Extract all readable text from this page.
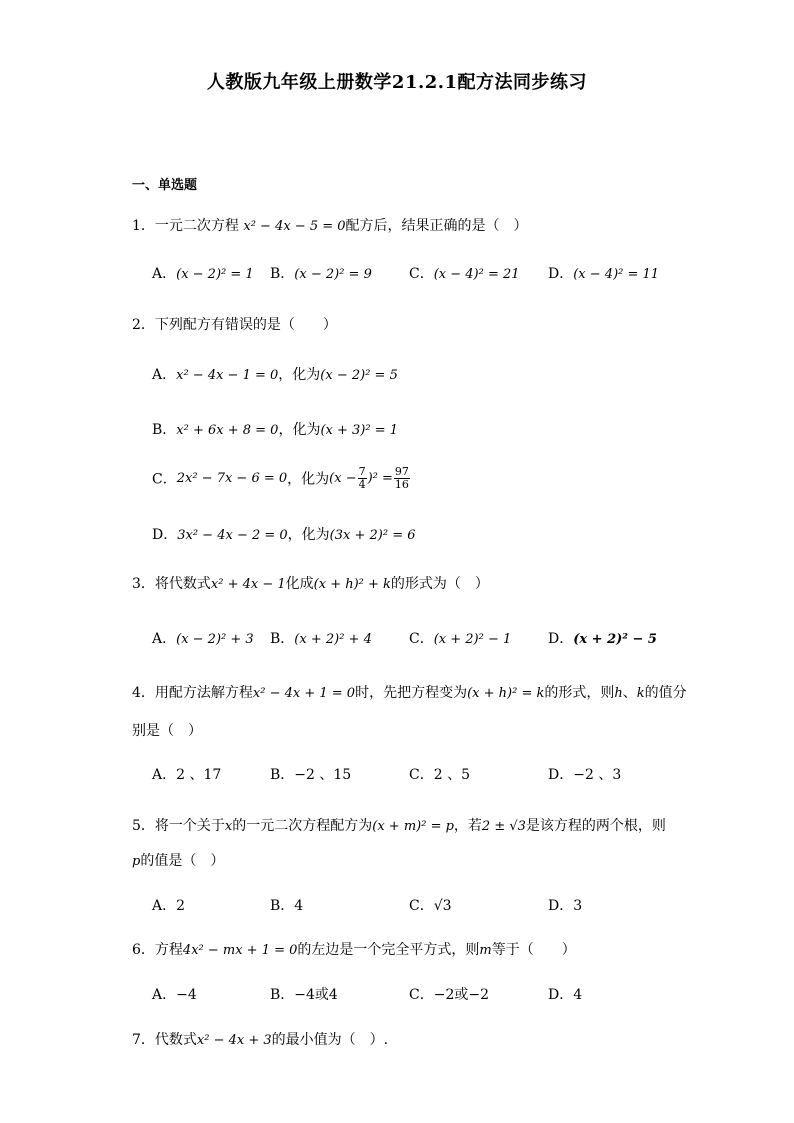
人教版九年级上册数学21.2.1配方法同步练习
一、单选题
1．一元二次方程 x² − 4x − 5 = 0配方后，结果正确的是（　）
A．(x − 2)² = 1 B．(x − 2)² = 9	C．(x − 4)² = 21 D．(x − 4)² = 11
2．下列配方有错误的是（　　）
A．x² − 4x − 1 = 0，化为(x − 2)² = 5
B．x² + 6x + 8 = 0，化为(x + 3)² = 1
C．2x² − 7x − 6 = 0，化为$(x - \frac{7}{4} )^2 = \frac{97}{16}$
D．3x² − 4x − 2 = 0，化为(3x + 2)² = 6
3．将代数式x² + 4x − 1化成(x + h)² + k的形式为（　）
A．(x − 2)² + 3 B．(x + 2)² + 4	C．(x + 2)² − 1	D．(x + 2)² − 5
4．用配方法解方程x² − 4x + 1 = 0时，先把方程变为(x + h)² = k的形式，则h、k的值分
别是（　）
A．2 、17	B．−2 、15	C．2 、5	D．−2 、3
5．将一个关于x的一元二次方程配方为(x + m)² = p，若2 ± √3是该方程的两个根，则
p的值是（　）
A．2	B．4	C．√3	D．3
6．方程4x² − mx + 1 = 0的左边是一个完全平方式，则m等于（　　）
A．−4	B．−4或4	C．−2或−2	D．4
7．代数式x² − 4x + 3的最小值为（　）.
